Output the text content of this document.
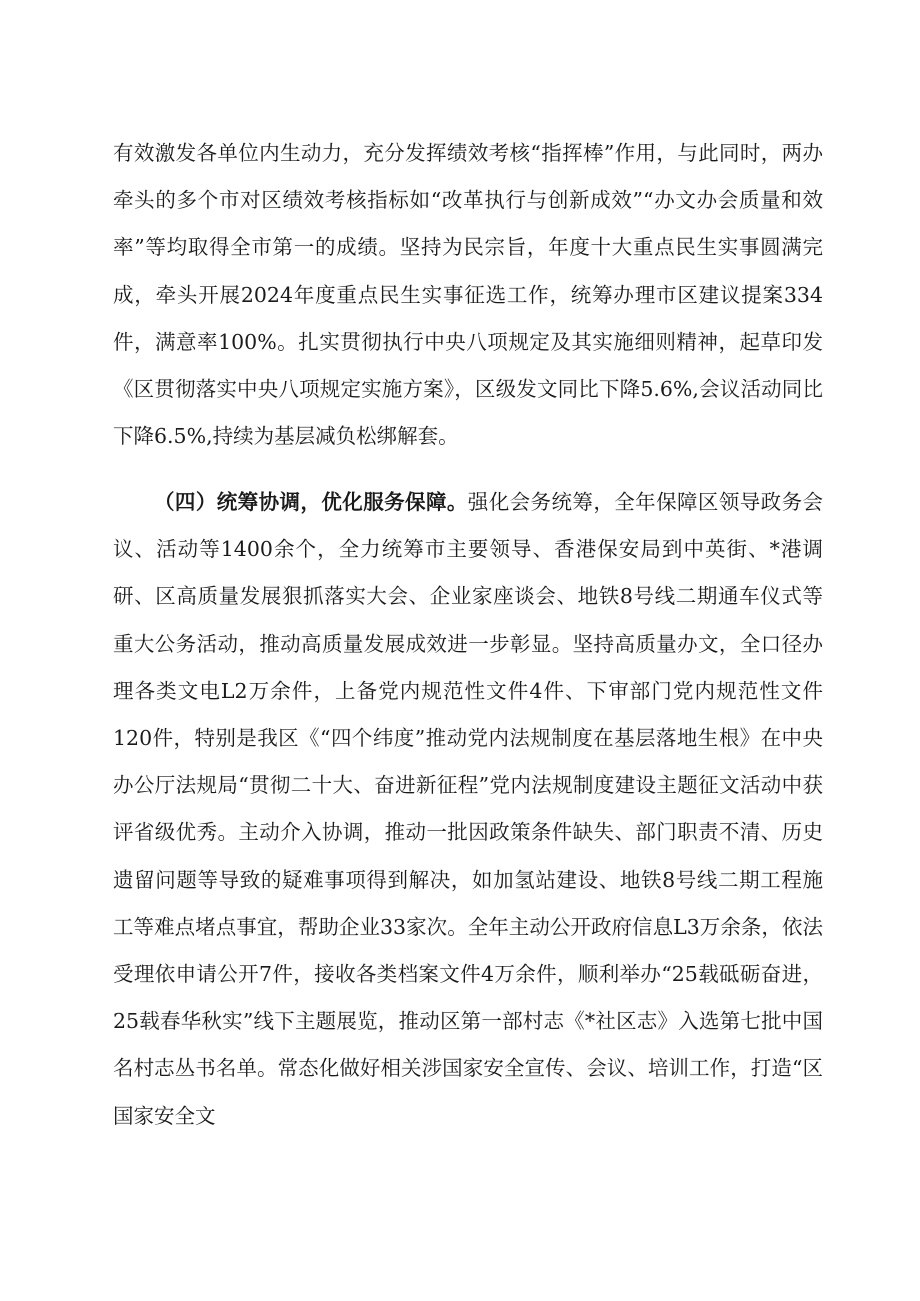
有效激发各单位内生动力，充分发挥绩效考核“指挥棒”作用，与此同时，两办牵头的多个市对区绩效考核指标如“改革执行与创新成效”“办文办会质量和效率”等均取得全市第一的成绩。坚持为民宗旨，年度十大重点民生实事圆满完成，牵头开展2024年度重点民生实事征选工作，统筹办理市区建议提案334件，满意率100%。扎实贯彻执行中央八项规定及其实施细则精神，起草印发《区贯彻落实中央八项规定实施方案》，区级发文同比下降5.6%,会议活动同比下降6.5%,持续为基层减负松绑解套。

（四）统筹协调，优化服务保障。强化会务统筹，全年保障区领导政务会议、活动等1400余个，全力统筹市主要领导、香港保安局到中英街、*港调研、区高质量发展狠抓落实大会、企业家座谈会、地铁8号线二期通车仪式等重大公务活动，推动高质量发展成效进一步彰显。坚持高质量办文，全口径办理各类文电L2万余件，上备党内规范性文件4件、下审部门党内规范性文件120件，特别是我区《“四个纬度”推动党内法规制度在基层落地生根》在中央办公厅法规局“贯彻二十大、奋进新征程”党内法规制度建设主题征文活动中获评省级优秀。主动介入协调，推动一批因政策条件缺失、部门职责不清、历史遗留问题等导致的疑难事项得到解决，如加氢站建设、地铁8号线二期工程施工等难点堵点事宜，帮助企业33家次。全年主动公开政府信息L3万余条，依法受理依申请公开7件，接收各类档案文件4万余件，顺利举办“25载砥砺奋进，25载春华秋实”线下主题展览，推动区第一部村志《*社区志》入选第七批中国名村志丛书名单。常态化做好相关涉国家安全宣传、会议、培训工作，打造“区国家安全文
